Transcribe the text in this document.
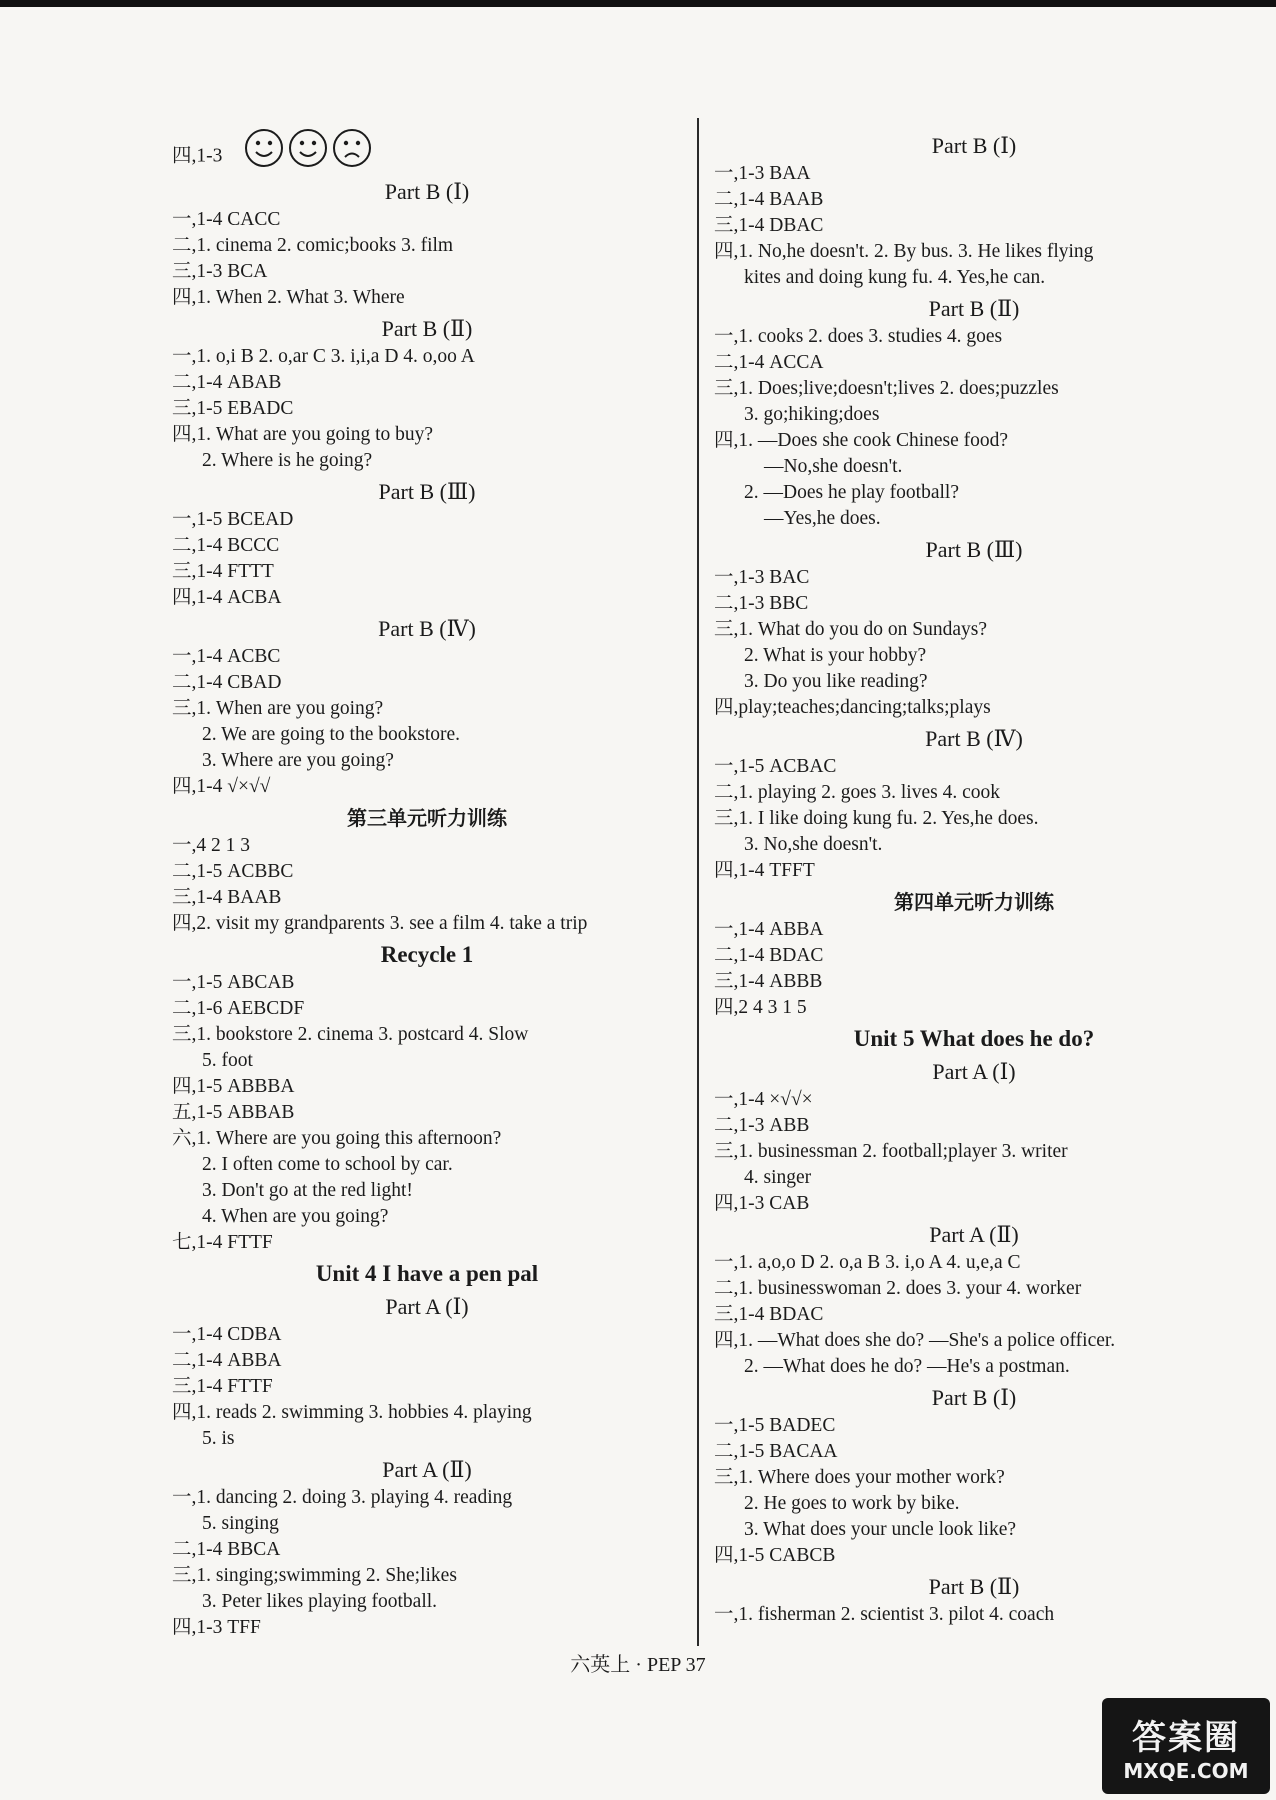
四,1-3
Part B (Ⅰ)
一,1-4 CACC
二,1. cinema 2. comic;books 3. film
三,1-3 BCA
四,1. When 2. What 3. Where
Part B (Ⅱ)
一,1. o,i B 2. o,ar C 3. i,i,a D 4. o,oo A
二,1-4 ABAB
三,1-5 EBADC
四,1. What are you going to buy?
2. Where is he going?
Part B (Ⅲ)
一,1-5 BCEAD
二,1-4 BCCC
三,1-4 FTTT
四,1-4 ACBA
Part B (Ⅳ)
一,1-4 ACBC
二,1-4 CBAD
三,1. When are you going?
2. We are going to the bookstore.
3. Where are you going?
四,1-4 √×√√
第三单元听力训练
一,4 2 1 3
二,1-5 ACBBC
三,1-4 BAAB
四,2. visit my grandparents 3. see a film 4. take a trip
Recycle 1
一,1-5 ABCAB
二,1-6 AEBCDF
三,1. bookstore 2. cinema 3. postcard 4. Slow
5. foot
四,1-5 ABBBA
五,1-5 ABBAB
六,1. Where are you going this afternoon?
2. I often come to school by car.
3. Don't go at the red light!
4. When are you going?
七,1-4 FTTF
Unit 4 I have a pen pal
Part A (Ⅰ)
一,1-4 CDBA
二,1-4 ABBA
三,1-4 FTTF
四,1. reads 2. swimming 3. hobbies 4. playing
5. is
Part A (Ⅱ)
一,1. dancing 2. doing 3. playing 4. reading
5. singing
二,1-4 BBCA
三,1. singing;swimming 2. She;likes
3. Peter likes playing football.
四,1-3 TFF
Part B (Ⅰ)
一,1-3 BAA
二,1-4 BAAB
三,1-4 DBAC
四,1. No,he doesn't. 2. By bus. 3. He likes flying
kites and doing kung fu. 4. Yes,he can.
Part B (Ⅱ)
一,1. cooks 2. does 3. studies 4. goes
二,1-4 ACCA
三,1. Does;live;doesn't;lives 2. does;puzzles
3. go;hiking;does
四,1. —Does she cook Chinese food?
—No,she doesn't.
2. —Does he play football?
—Yes,he does.
Part B (Ⅲ)
一,1-3 BAC
二,1-3 BBC
三,1. What do you do on Sundays?
2. What is your hobby?
3. Do you like reading?
四,play;teaches;dancing;talks;plays
Part B (Ⅳ)
一,1-5 ACBAC
二,1. playing 2. goes 3. lives 4. cook
三,1. I like doing kung fu. 2. Yes,he does.
3. No,she doesn't.
四,1-4 TFFT
第四单元听力训练
一,1-4 ABBA
二,1-4 BDAC
三,1-4 ABBB
四,2 4 3 1 5
Unit 5 What does he do?
Part A (Ⅰ)
一,1-4 ×√√×
二,1-3 ABB
三,1. businessman 2. football;player 3. writer
4. singer
四,1-3 CAB
Part A (Ⅱ)
一,1. a,o,o D 2. o,a B 3. i,o A 4. u,e,a C
二,1. businesswoman 2. does 3. your 4. worker
三,1-4 BDAC
四,1. —What does she do? —She's a police officer.
2. —What does he do? —He's a postman.
Part B (Ⅰ)
一,1-5 BADEC
二,1-5 BACAA
三,1. Where does your mother work?
2. He goes to work by bike.
3. What does your uncle look like?
四,1-5 CABCB
Part B (Ⅱ)
一,1. fisherman 2. scientist 3. pilot 4. coach
六英上 · PEP 37
答案圈
MXQE.COM
